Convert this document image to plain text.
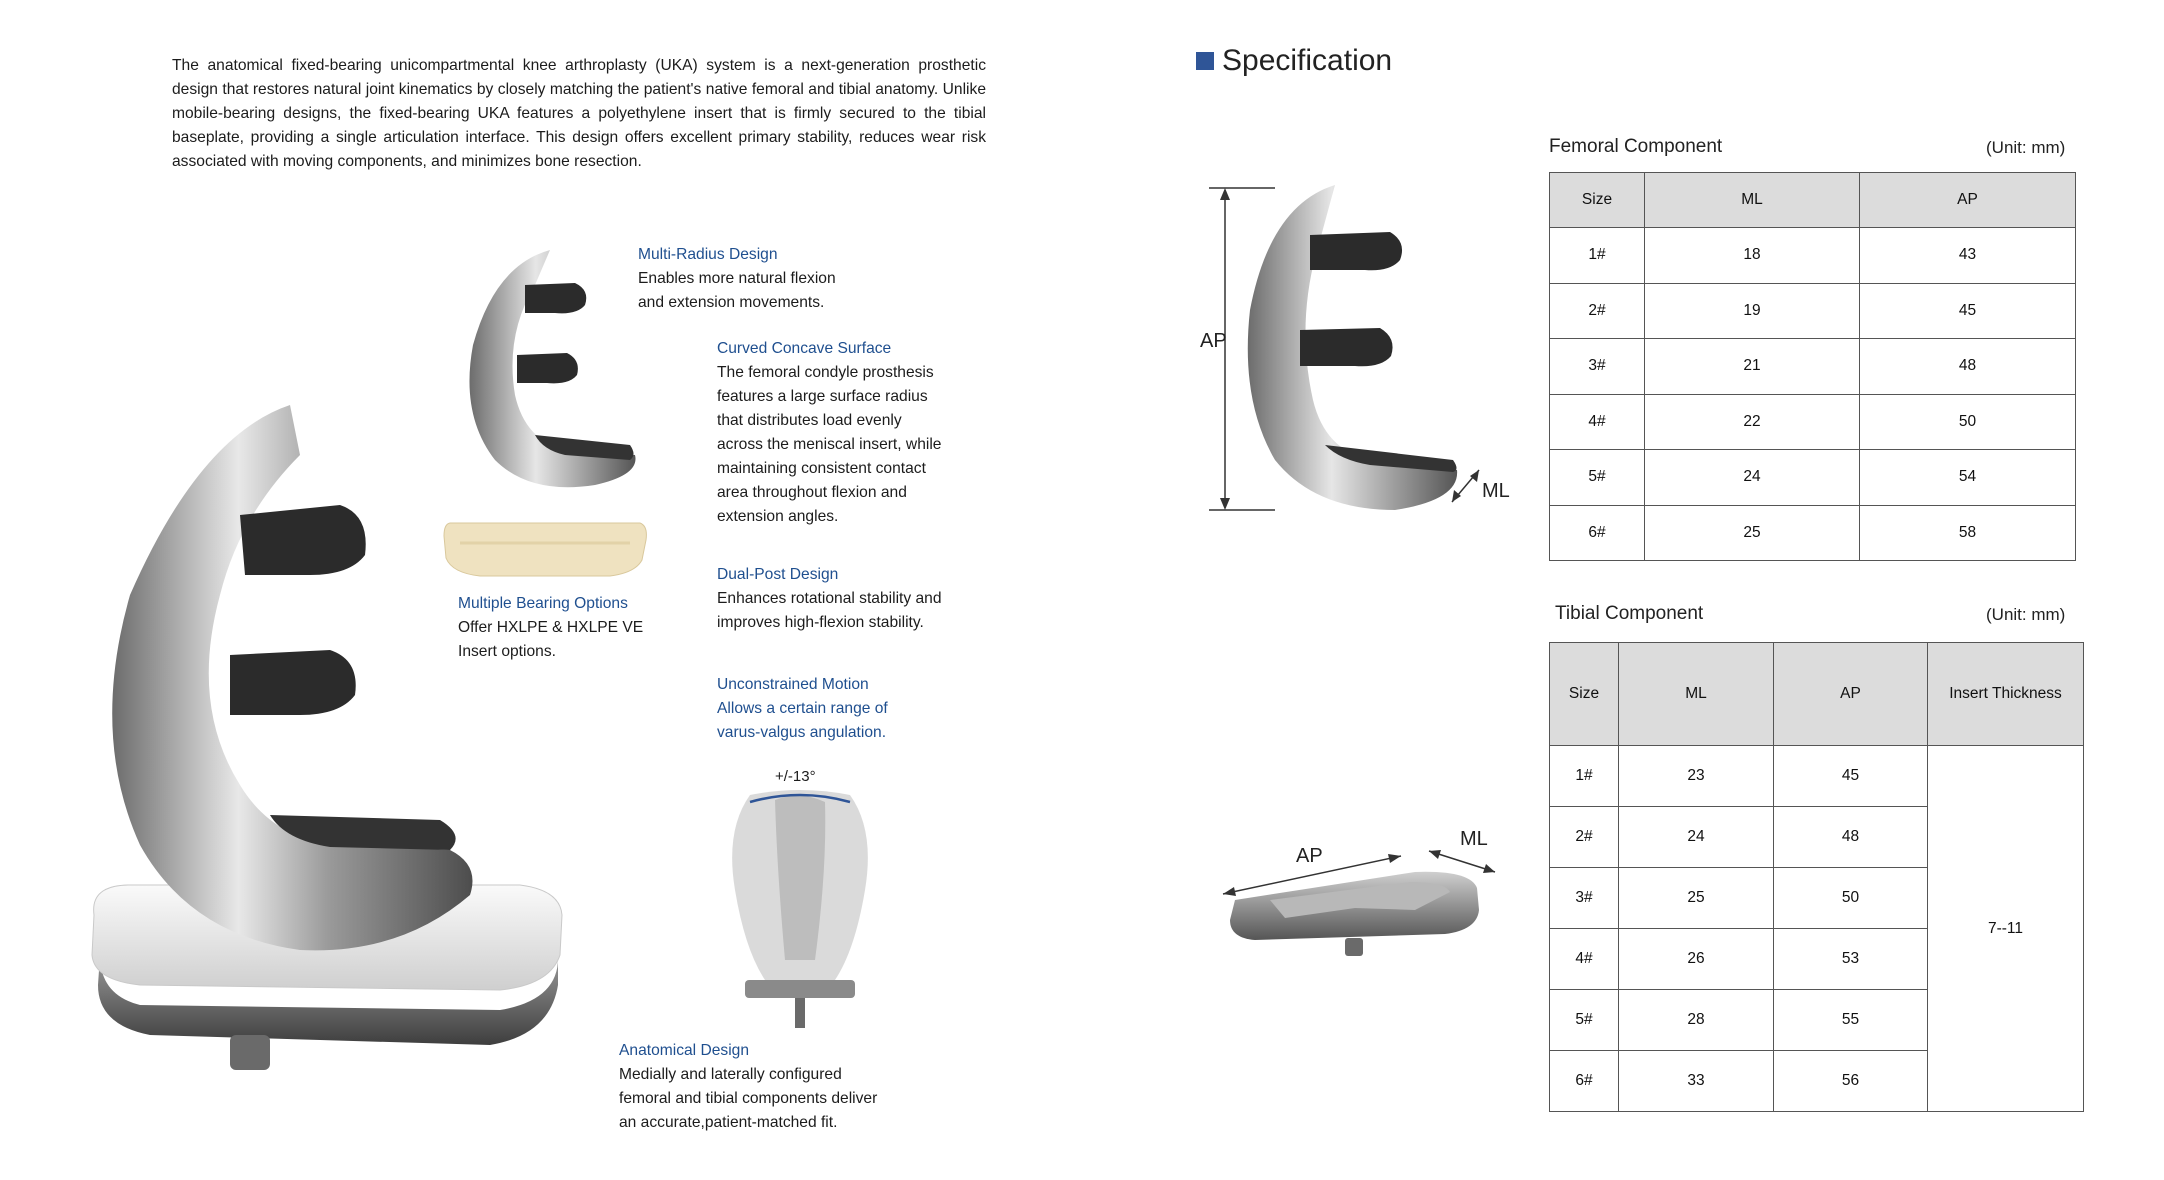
The anatomical fixed-bearing unicompartmental knee arthroplasty (UKA) system is a next-generation prosthetic design that restores natural joint kinematics by closely matching the patient's native femoral and tibial anatomy. Unlike mobile-bearing designs, the fixed-bearing UKA features a polyethylene insert that is firmly secured to the tibial baseplate, providing a single articulation interface. This design offers excellent primary stability, reduces wear risk associated with moving components, and minimizes bone resection.
+/-13°
Multi-Radius Design
Enables more natural flexion
and extension movements.
Curved Concave Surface
The femoral condyle prosthesis
features a large surface radius
that distributes load evenly
across the meniscal insert, while
maintaining consistent contact
area throughout flexion and
extension angles.
Multiple Bearing Options
Offer HXLPE & HXLPE VE
Insert options.
Dual-Post Design
Enhances rotational stability and
improves high-flexion stability.
Unconstrained Motion
Allows a certain range of
varus-valgus angulation.
Anatomical Design
Medially and laterally configured
femoral and tibial components deliver
an accurate,patient-matched fit.
Specification
AP
ML
Femoral Component	(Unit: mm)
Size	ML	AP
1#	18	43
2#	19	45
3#	21	48
4#	22	50
5#	24	54
6#	25	58
AP
ML
Tibial Component	(Unit: mm)
Size	ML	AP	Insert Thickness
1#	23	45	7--11
2#	24	48	
3#	25	50	
4#	26	53	
5#	28	55	
6#	33	56	
